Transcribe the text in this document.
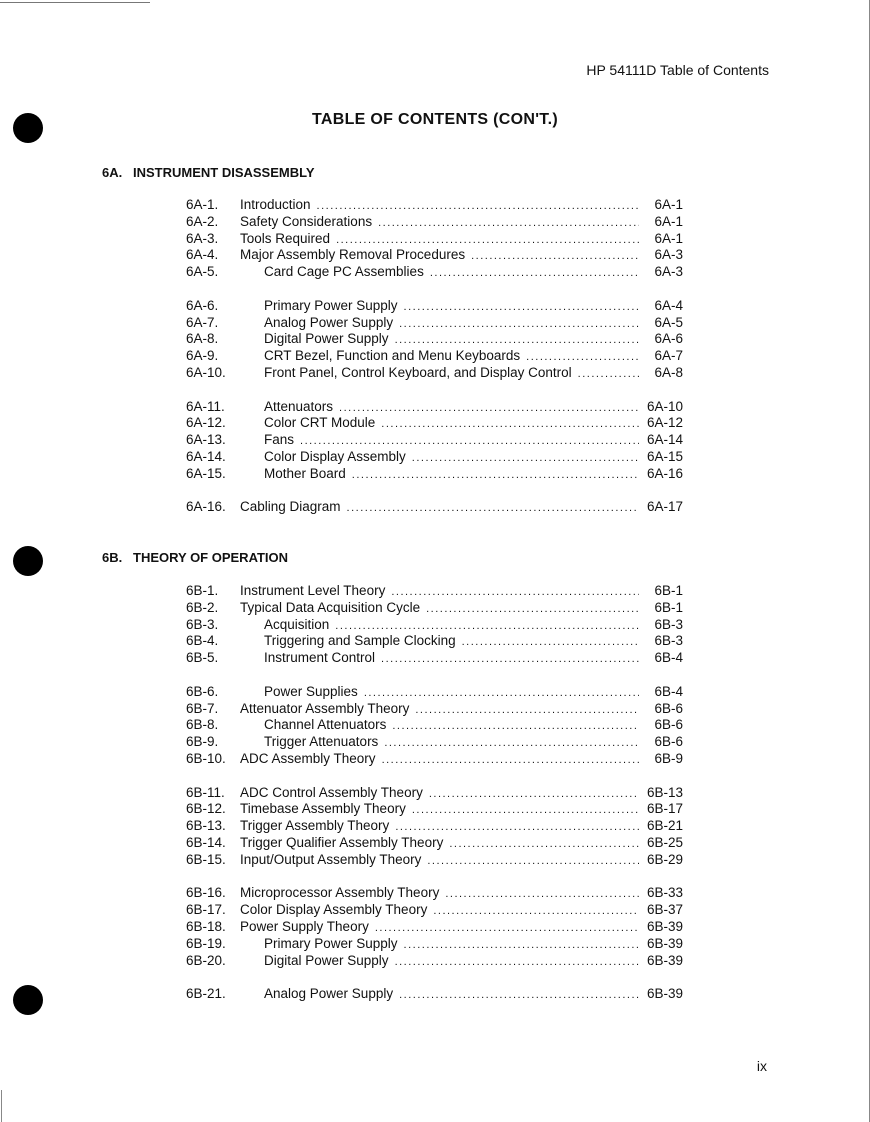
HP 54111D Table of Contents
TABLE OF CONTENTS (CON'T.)
6A. INSTRUMENT DISASSEMBLY
6A-1.	Introduction .....	6A-1
6A-2.	Safety Considerations .....	6A-1
6A-3.	Tools Required .....	6A-1
6A-4.	Major Assembly Removal Procedures .....	6A-3
6A-5.	Card Cage PC Assemblies .....	6A-3
6A-6.	Primary Power Supply .....	6A-4
6A-7.	Analog Power Supply .....	6A-5
6A-8.	Digital Power Supply .....	6A-6
6A-9.	CRT Bezel, Function and Menu Keyboards .....	6A-7
6A-10.	Front Panel, Control Keyboard, and Display Control .....	6A-8
6A-11.	Attenuators .....	6A-10
6A-12.	Color CRT Module .....	6A-12
6A-13.	Fans .....	6A-14
6A-14.	Color Display Assembly .....	6A-15
6A-15.	Mother Board .....	6A-16
6A-16.	Cabling Diagram .....	6A-17
6B. THEORY OF OPERATION
6B-1.	Instrument Level Theory .....	6B-1
6B-2.	Typical Data Acquisition Cycle .....	6B-1
6B-3.	Acquisition .....	6B-3
6B-4.	Triggering and Sample Clocking .....	6B-3
6B-5.	Instrument Control .....	6B-4
6B-6.	Power Supplies .....	6B-4
6B-7.	Attenuator Assembly Theory .....	6B-6
6B-8.	Channel Attenuators .....	6B-6
6B-9.	Trigger Attenuators .....	6B-6
6B-10.	ADC Assembly Theory .....	6B-9
6B-11.	ADC Control Assembly Theory .....	6B-13
6B-12.	Timebase Assembly Theory .....	6B-17
6B-13.	Trigger Assembly Theory .....	6B-21
6B-14.	Trigger Qualifier Assembly Theory .....	6B-25
6B-15.	Input/Output Assembly Theory .....	6B-29
6B-16.	Microprocessor Assembly Theory .....	6B-33
6B-17.	Color Display Assembly Theory .....	6B-37
6B-18.	Power Supply Theory .....	6B-39
6B-19.	Primary Power Supply .....	6B-39
6B-20.	Digital Power Supply .....	6B-39
6B-21.	Analog Power Supply .....	6B-39
ix
